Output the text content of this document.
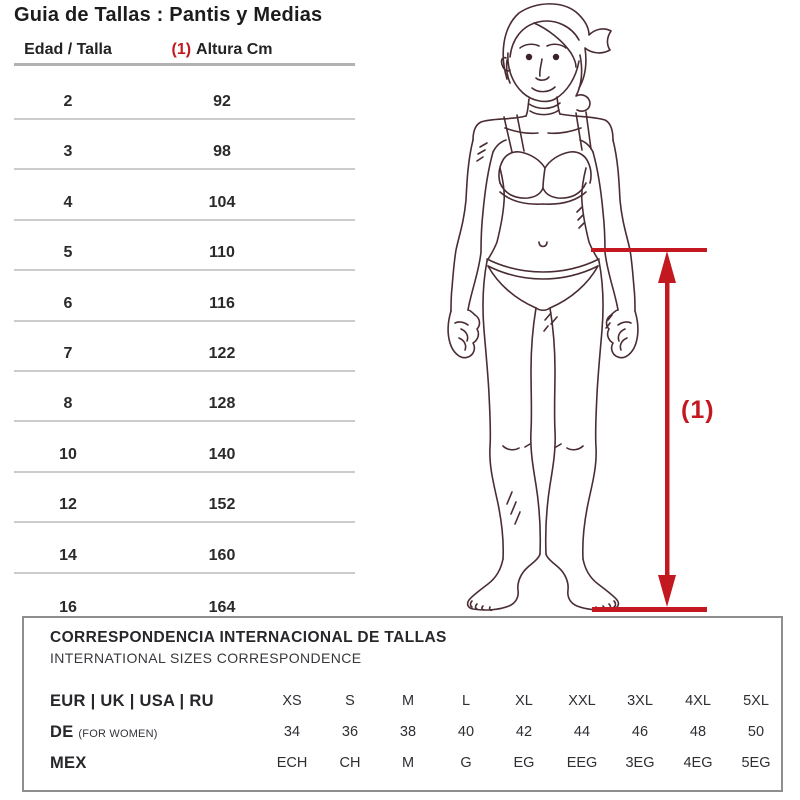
Guia de Tallas : Pantis y Medias
Edad / Talla	(1) Altura Cm
2	92
3	98
4	104
5	110
6	116
7	122
8	128
10	140
12	152
14	160
16	164
(1)
CORRESPONDENCIA INTERNACIONAL DE TALLAS
INTERNATIONAL SIZES CORRESPONDENCE
EUR | UK | USA | RU	XS	S	M	L	XL	XXL	3XL	4XL	5XL
DE (FOR WOMEN)	34	36	38	40	42	44	46	48	50
MEX	ECH	CH	M	G	EG	EEG	3EG	4EG	5EG
